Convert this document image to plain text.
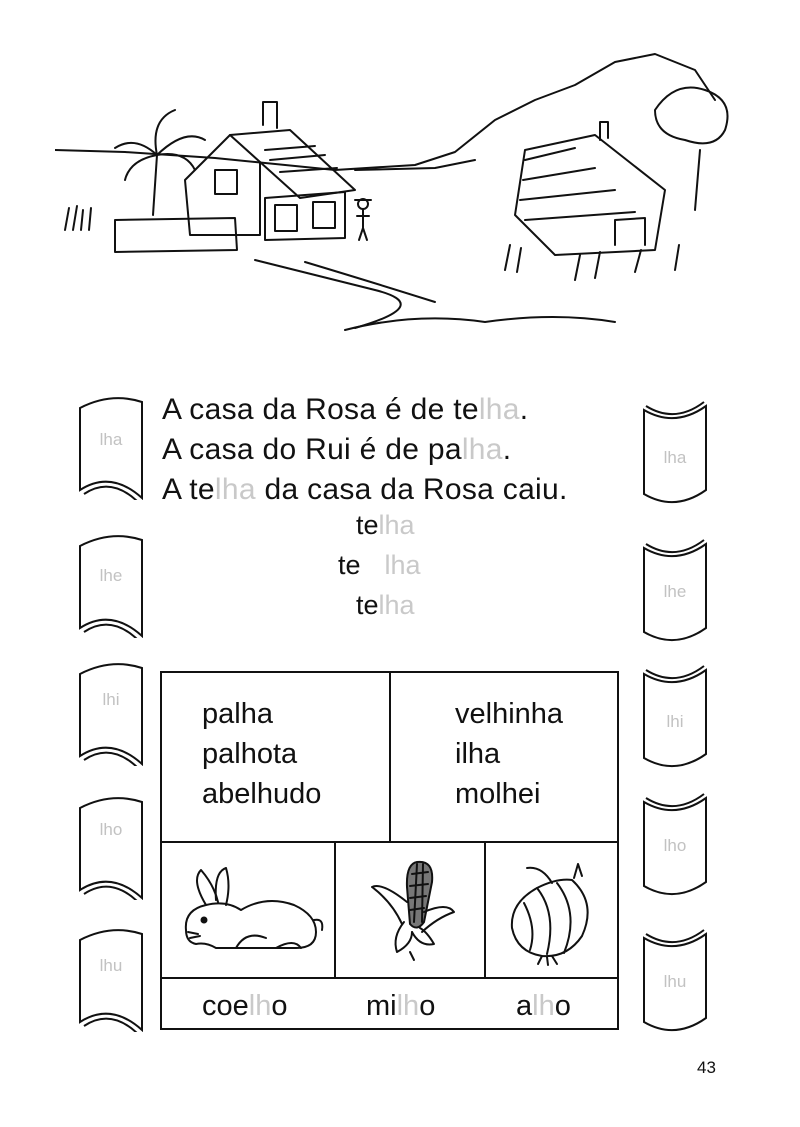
A casa da Rosa é de telha.
A casa do Rui é de palha.
A telha da casa da Rosa caiu.
telha
te lha
telha
lha
lhe
lhi
lho
lhu
lha
lhe
lhi
lho
lhu
palha
palhota
abelhudo
velhinha
ilha
molhei
coelho	milho	alho
43
